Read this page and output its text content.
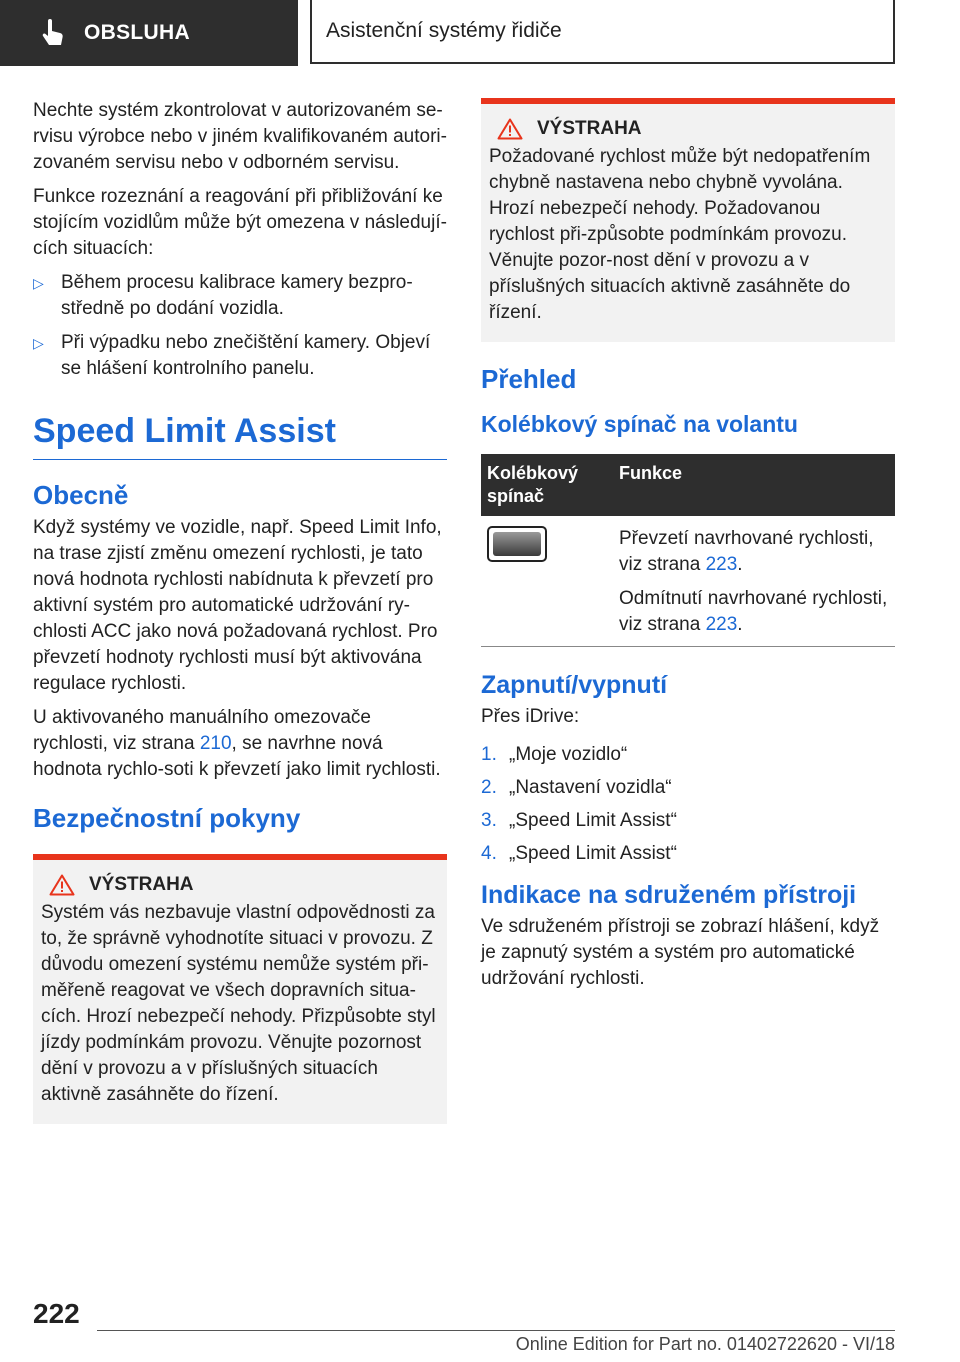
OBSLUHA	Asistenční systémy řidiče

Nechte systém zkontrolovat v autorizovaném se-rvisu výrobce nebo v jiném kvalifikovaném autori-zovaném servisu nebo v odborném servisu.

Funkce rozeznání a reagování při přibližování ke stojícím vozidlům může být omezena v následují-cích situacích:

▷ Během procesu kalibrace kamery bezpro-středně po dodání vozidla.
▷ Při výpadku nebo znečištění kamery. Objeví se hlášení kontrolního panelu.
Speed Limit Assist
Obecně

Když systémy ve vozidle, např. Speed Limit Info, na trase zjistí změnu omezení rychlosti, je tato nová hodnota rychlosti nabídnuta k převzetí pro aktivní systém pro automatické udržování ry-chlosti ACC jako nová požadovaná rychlost. Pro převzetí hodnoty rychlosti musí být aktivována regulace rychlosti.

U aktivovaného manuálního omezovače rychlosti, viz strana 210, se navrhne nová hodnota rychlo-soti k převzetí jako limit rychlosti.

Bezpečnostní pokyny
VÝSTRAHA

Systém vás nezbavuje vlastní odpovědnosti za to, že správně vyhodnotíte situaci v provozu. Z důvodu omezení systému nemůže systém při-měřeně reagovat ve všech dopravních situa-cích. Hrozí nebezpečí nehody. Přizpůsobte styl jízdy podmínkám provozu. Věnujte pozornost dění v provozu a v příslušných situacích aktivně zasáhněte do řízení.

VÝSTRAHA

Požadované rychlost může být nedopatřením chybně nastavena nebo chybně vyvolána. Hrozí nebezpečí nehody. Požadovanou rychlost při-způsobte podmínkám provozu. Věnujte pozor-nost dění v provozu a v příslušných situacích aktivně zasáhněte do řízení.

Přehled
Kolébkový spínač na volantu
Kolébkový spínač	Funkce

	Převzetí navrhované rychlosti, viz strana 223.

Odmítnutí navrhované rychlosti, viz strana 223.

Zapnutí/vypnutí

Přes iDrive:

1. „Moje vozidlo“
2. „Nastavení vozidla“
3. „Speed Limit Assist“
4. „Speed Limit Assist“
Indikace na sdruženém přístroji

Ve sdruženém přístroji se zobrazí hlášení, když je zapnutý systém a systém pro automatické udržování rychlosti.

222
Online Edition for Part no. 01402722620 - VI/18
